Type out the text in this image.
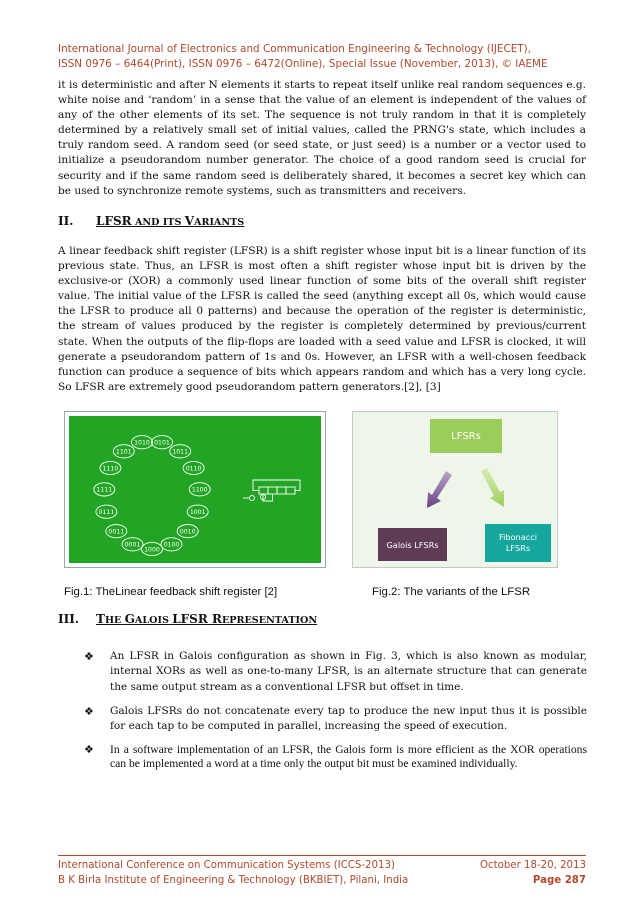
International Journal of Electronics and Communication Engineering & Technology (IJECET),
ISSN 0976 – 6464(Print), ISSN 0976 – 6472(Online), Special Issue (November, 2013), © IAEME
it is deterministic and after N elements it starts to repeat itself unlike real random sequences e.g. white noise and ‘random’ in a sense that the value of an element is independent of the values of any of the other elements of its set. The sequence is not truly random in that it is completely determined by a relatively small set of initial values, called the PRNG's state, which includes a truly random seed. A random seed (or seed state, or just seed) is a number or a vector used to initialize a pseudorandom number generator. The choice of a good random seed is crucial for security and if the same random seed is deliberately shared, it becomes a secret key which can be used to synchronize remote systems, such as transmitters and receivers.
II. LFSR AND ITS VARIANTS
A linear feedback shift register (LFSR) is a shift register whose input bit is a linear function of its previous state. Thus, an LFSR is most often a shift register whose input bit is driven by the exclusive-or (XOR) a commonly used linear function of some bits of the overall shift register value. The initial value of the LFSR is called the seed (anything except all 0s, which would cause the LFSR to produce all 0 patterns) and because the operation of the register is deterministic, the stream of values produced by the register is completely determined by previous/current state. When the outputs of the flip-flops are loaded with a seed value and LFSR is clocked, it will generate a pseudorandom pattern of 1s and 0s. However, an LFSR with a well-chosen feedback function can produce a sequence of bits which appears random and which has a very long cycle. So LFSR are extremely good pseudorandom pattern generators.[2], [3]
1010 0101
1011
0110
1100
1001
0010
0100
1000
0001
0011
0111
1111
1110
1101
LFSRs
Galois LFSRs
Fibonacci
LFSRs
Fig.1: TheLinear feedback shift register [2]	Fig.2: The variants of the LFSR
III. THE GALOIS LFSR REPRESENTATION
❖	An LFSR in Galois configuration as shown in Fig. 3, which is also known as modular, internal XORs as well as one-to-many LFSR, is an alternate structure that can generate the same output stream as a conventional LFSR but offset in time.
❖	Galois LFSRs do not concatenate every tap to produce the new input thus it is possible for each tap to be computed in parallel, increasing the speed of execution.
❖	In a software implementation of an LFSR, the Galois form is more efficient as the XOR operations can be implemented a word at a time only the output bit must be examined individually.
International Conference on Communication Systems (ICCS-2013)	October 18-20, 2013
B K Birla Institute of Engineering & Technology (BKBIET), Pilani, India	Page 287
